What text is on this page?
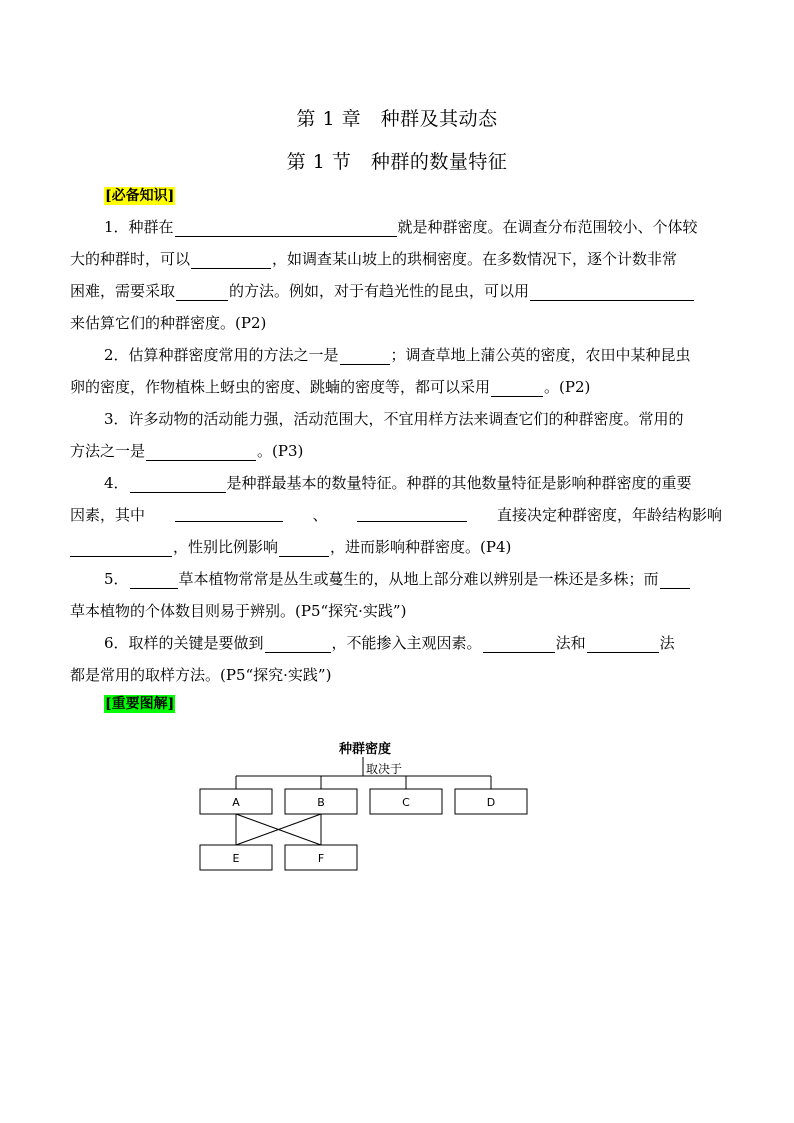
第 1 章　种群及其动态
第 1 节　种群的数量特征
[必备知识]
1．种群在	就是种群密度。在调查分布范围较小、个体较
大的种群时，可以	，如调查某山坡上的珙桐密度。在多数情况下，逐个计数非常
困难，需要采取	的方法。例如，对于有趋光性的昆虫，可以用
来估算它们的种群密度。(P2)
2．估算种群密度常用的方法之一是	；调查草地上蒲公英的密度，农田中某种昆虫
卵的密度，作物植株上蚜虫的密度、跳蝻的密度等，都可以采用	。(P2)
3．许多动物的活动能力强，活动范围大，不宜用样方法来调查它们的种群密度。常用的
方法之一是	。(P3)
4．	是种群最基本的数量特征。种群的其他数量特征是影响种群密度的重要
因素，其中	、	直接决定种群密度，年龄结构影响
，性别比例影响	，进而影响种群密度。(P4)
5．	草本植物常常是丛生或蔓生的，从地上部分难以辨别是一株还是多株；而
草本植物的个体数目则易于辨别。(P5“探究·实践”)
6．取样的关键是要做到	，不能掺入主观因素。	法和	法
都是常用的取样方法。(P5“探究·实践”)
[重要图解]
种群密度
取决于
A	B	C	D
E	F
